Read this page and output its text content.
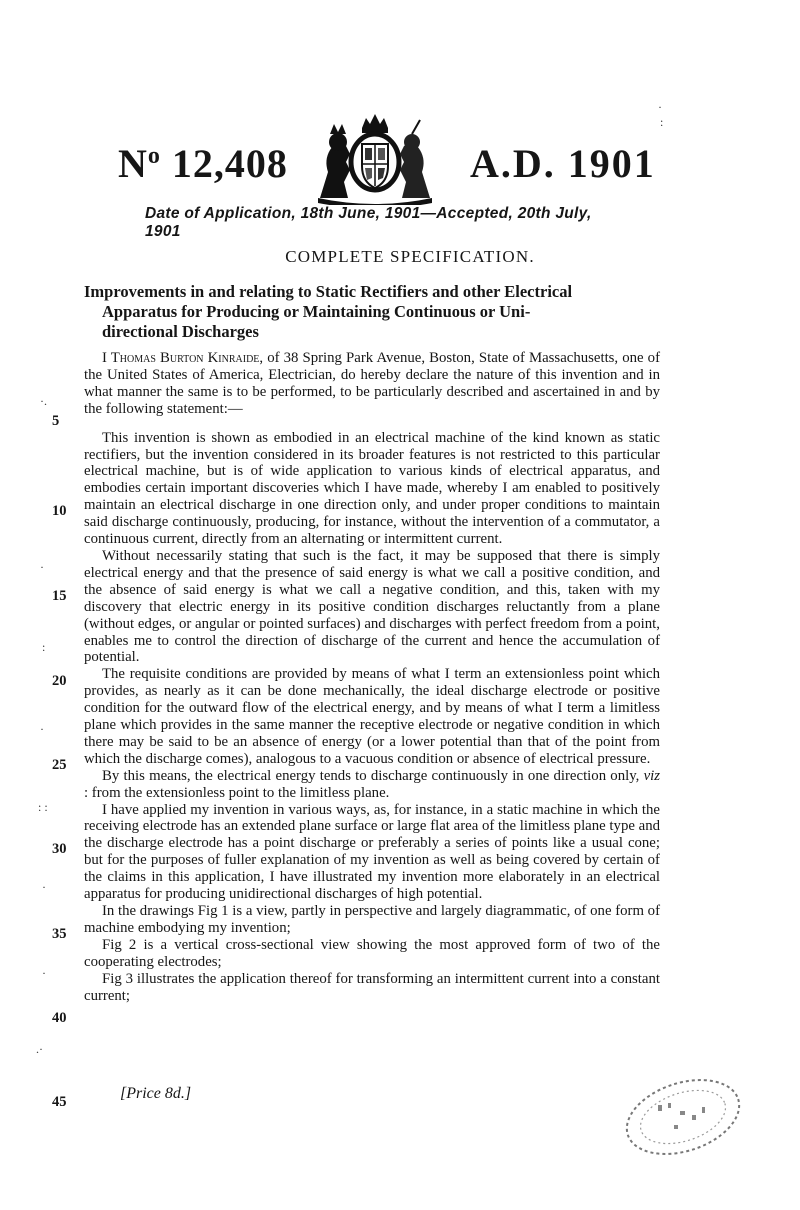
$N^o$ 12,408	A.D. 1901
Date of Application, 18th June, 1901—Accepted, 20th July, 1901
COMPLETE SPECIFICATION.
Improvements in and relating to Static Rectifiers and other Electrical
Apparatus for Producing or Maintaining Continuous or Uni-
directional Discharges

I Thomas Burton Kinraide, of 38 Spring Park Avenue, Boston, State of Massachusetts, one of the United States of America, Electrician, do hereby declare the nature of this invention and in what manner the same is to be performed, to be particularly described and ascertained in and by the following statement:—

This invention is shown as embodied in an electrical machine of the kind known as static rectifiers, but the invention considered in its broader features is not restricted to this particular electrical machine, but is of wide application to various kinds of electrical apparatus, and embodies certain important discoveries which I have made, whereby I am enabled to positively maintain an electrical discharge in one direction only, and under proper conditions to maintain said discharge continuously, producing, for instance, without the intervention of a commutator, a continuous current, directly from an alternating or intermittent current.

Without necessarily stating that such is the fact, it may be supposed that there is simply electrical energy and that the presence of said energy is what we call a positive condition, and the absence of said energy is what we call a negative condition, and this, taken with my discovery that electric energy in its positive condition discharges reluctantly from a plane (without edges, or angular or pointed surfaces) and discharges with perfect freedom from a point, enables me to control the direction of discharge of the current and hence the accumulation of potential.

The requisite conditions are provided by means of what I term an extensionless point which provides, as nearly as it can be done mechanically, the ideal discharge electrode or positive condition for the outward flow of the electrical energy, and by means of what I term a limitless plane which provides in the same manner the receptive electrode or negative condition in which there may be said to be an absence of energy (or a lower potential than that of the point from which the discharge comes), analogous to a vacuous condition or absence of electrical pressure.

By this means, the electrical energy tends to discharge continuously in one direction only, viz : from the extensionless point to the limitless plane.

I have applied my invention in various ways, as, for instance, in a static machine in which the receiving electrode has an extended plane surface or large flat area of the limitless plane type and the discharge electrode has a point discharge or preferably a series of points like a usual cone; but for the purposes of fuller explanation of my invention as well as being covered by certain of the claims in this application, I have illustrated my invention more elaborately in an electrical apparatus for producing unidirectional discharges of high potential.

In the drawings Fig 1 is a view, partly in perspective and largely diagrammatic, of one form of machine embodying my invention;

Fig 2 is a vertical cross-sectional view showing the most approved form of two of the cooperating electrodes;

Fig 3 illustrates the application thereof for transforming an intermittent current into a constant current;

5
10
15
20
25
30
35
40
45	[Price 8d.]
·
:
·.
·
:
·
: :
·
·
.·
